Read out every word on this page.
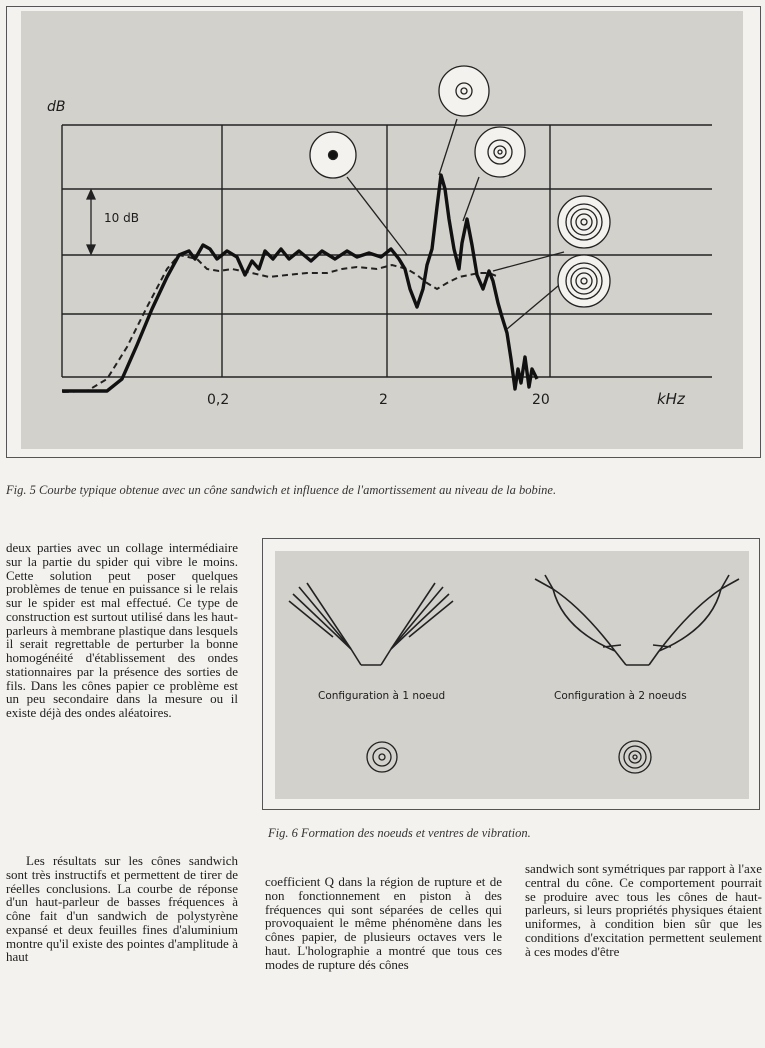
10 dB
dB
0,2	2	20	kHz
Fig. 5 Courbe typique obtenue avec un cône sandwich et influence de l'amortissement au niveau de la bobine.
Configuration à 1 noeud	Configuration à 2 noeuds
Fig. 6 Formation des noeuds et ventres de vibration.
deux parties avec un collage intermédiaire sur la partie du spider qui vibre le moins. Cette solution peut poser quelques problèmes de tenue en puissance si le relais sur le spider est mal effectué. Ce type de construction est surtout utilisé dans les haut-parleurs à membrane plastique dans lesquels il serait regrettable de perturber la bonne homogénéité d'établissement des ondes stationnaires par la présence des sorties de fils. Dans les cônes papier ce problème est un peu secondaire dans la mesure ou il existe déjà des ondes aléatoires.
Les résultats sur les cônes sandwich sont très instructifs et permettent de tirer de réelles conclusions. La courbe de réponse d'un haut-parleur de basses fréquences à cône fait d'un sandwich de polystyrène expansé et deux feuilles fines d'aluminium montre qu'il existe des pointes d'amplitude à haut
coefficient Q dans la région de rupture et de non fonctionnement en piston à des fréquences qui sont séparées de celles qui provoquaient le même phénomène dans les cônes papier, de plusieurs octaves vers le haut. L'holographie a montré que tous ces modes de rupture dés cônes
sandwich sont symétriques par rapport à l'axe central du cône. Ce comportement pourrait se produire avec tous les cônes de haut-parleurs, si leurs propriétés physiques étaient uniformes, à condition bien sûr que les conditions d'excitation permettent seulement à ces modes d'être
